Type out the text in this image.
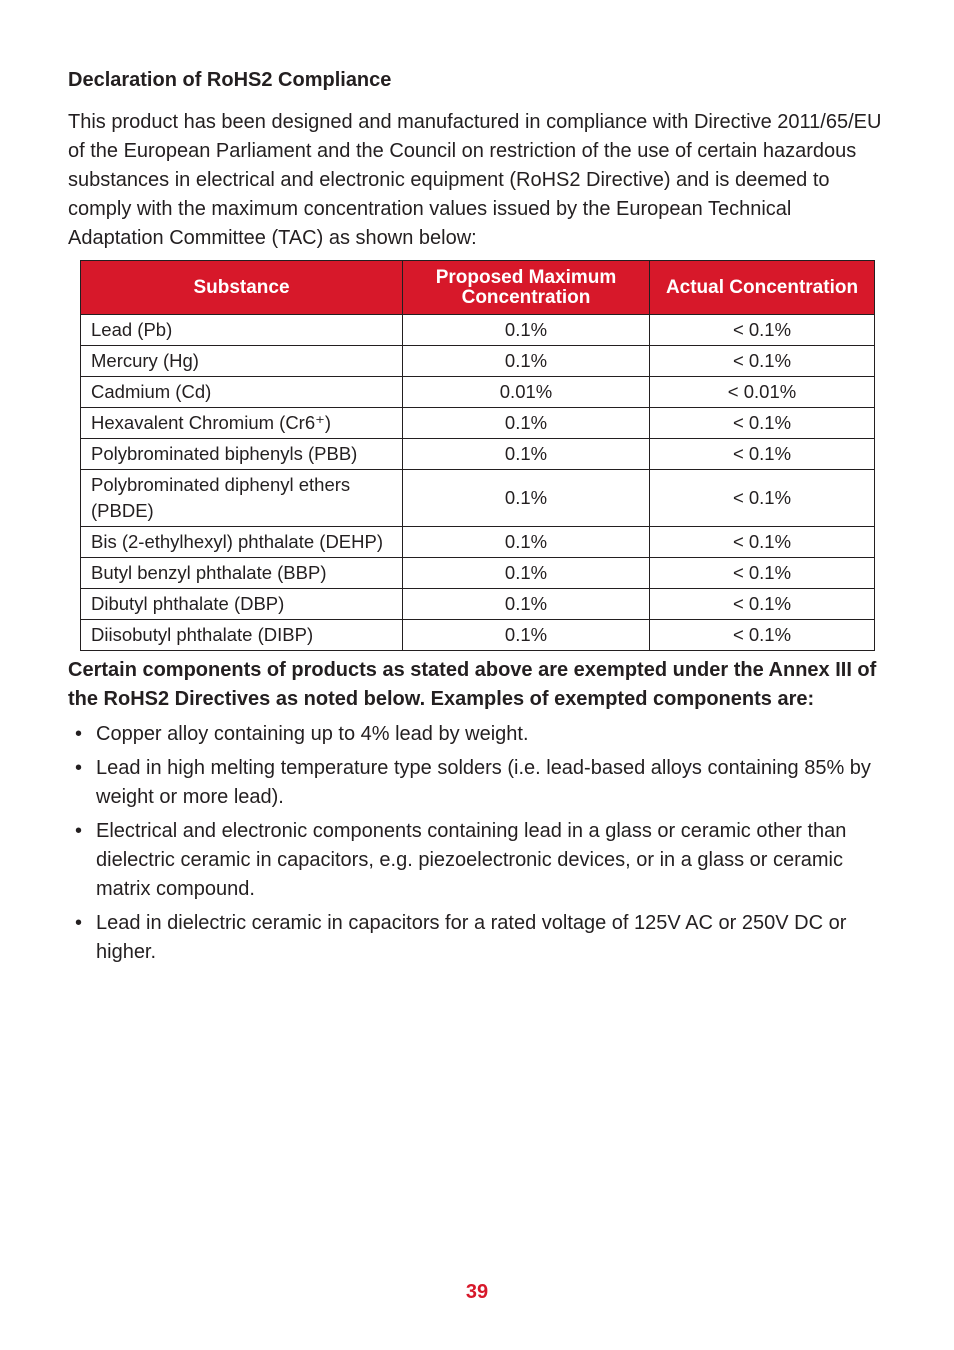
Declaration of RoHS2 Compliance

This product has been designed and manufactured in compliance with Directive 2011/65/EU of the European Parliament and the Council on restriction of the use of certain hazardous substances in electrical and electronic equipment (RoHS2 Directive) and is deemed to comply with the maximum concentration values issued by the European Technical Adaptation Committee (TAC) as shown below:

Substance	Proposed Maximum Concentration	Actual Concentration
Lead (Pb)	0.1%	< 0.1%
Mercury (Hg)	0.1%	< 0.1%
Cadmium (Cd)	0.01%	< 0.01%
Hexavalent Chromium (Cr6⁺)	0.1%	< 0.1%
Polybrominated biphenyls (PBB)	0.1%	< 0.1%
Polybrominated diphenyl ethers (PBDE)	0.1%	< 0.1%
Bis (2-ethylhexyl) phthalate (DEHP)	0.1%	< 0.1%
Butyl benzyl phthalate (BBP)	0.1%	< 0.1%
Dibutyl phthalate (DBP)	0.1%	< 0.1%
Diisobutyl phthalate (DIBP)	0.1%	< 0.1%

Certain components of products as stated above are exempted under the Annex III of the RoHS2 Directives as noted below. Examples of exempted components are:

• Copper alloy containing up to 4% lead by weight.
• Lead in high melting temperature type solders (i.e. lead-based alloys containing 85% by weight or more lead).
• Electrical and electronic components containing lead in a glass or ceramic other than dielectric ceramic in capacitors, e.g. piezoelectronic devices, or in a glass or ceramic matrix compound.
• Lead in dielectric ceramic in capacitors for a rated voltage of 125V AC or 250V DC or higher.
39
